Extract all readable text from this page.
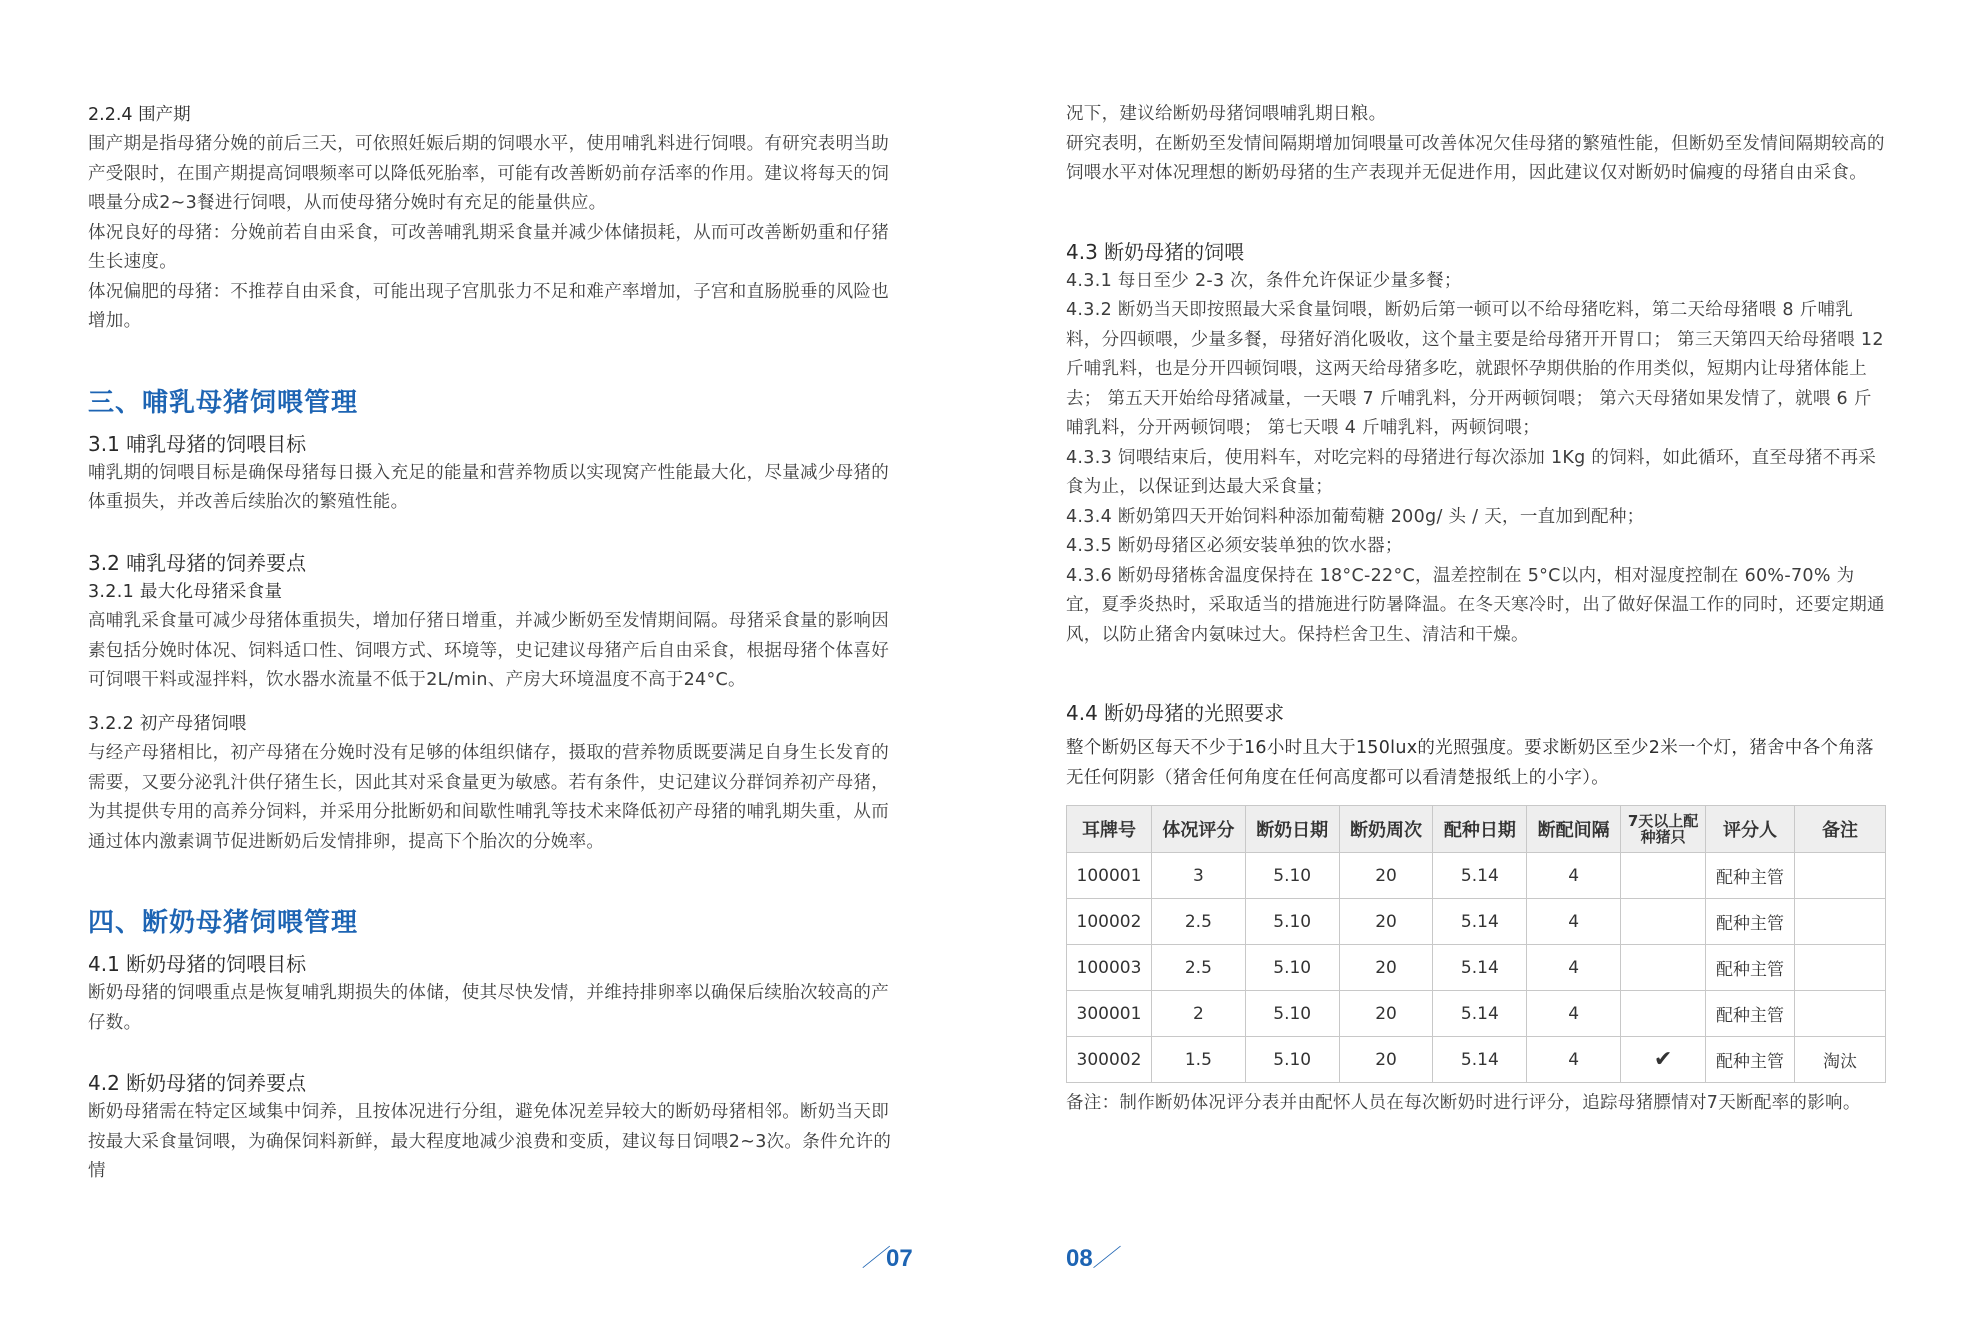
2.2.4 围产期

围产期是指母猪分娩的前后三天，可依照妊娠后期的饲喂水平，使用哺乳料进行饲喂。有研究表明当助产受限时，在围产期提高饲喂频率可以降低死胎率，可能有改善断奶前存活率的作用。建议将每天的饲喂量分成2~3餐进行饲喂，从而使母猪分娩时有充足的能量供应。

体况良好的母猪：分娩前若自由采食，可改善哺乳期采食量并减少体储损耗，从而可改善断奶重和仔猪生长速度。

体况偏肥的母猪：不推荐自由采食，可能出现子宫肌张力不足和难产率增加，子宫和直肠脱垂的风险也增加。

三、哺乳母猪饲喂管理

3.1 哺乳母猪的饲喂目标

哺乳期的饲喂目标是确保母猪每日摄入充足的能量和营养物质以实现窝产性能最大化，尽量减少母猪的体重损失，并改善后续胎次的繁殖性能。

3.2 哺乳母猪的饲养要点

3.2.1 最大化母猪采食量

高哺乳采食量可减少母猪体重损失，增加仔猪日增重，并减少断奶至发情期间隔。母猪采食量的影响因素包括分娩时体况、饲料适口性、饲喂方式、环境等，史记建议母猪产后自由采食，根据母猪个体喜好可饲喂干料或湿拌料，饮水器水流量不低于2L/min、产房大环境温度不高于24°C。

3.2.2 初产母猪饲喂

与经产母猪相比，初产母猪在分娩时没有足够的体组织储存，摄取的营养物质既要满足自身生长发育的需要，又要分泌乳汁供仔猪生长，因此其对采食量更为敏感。若有条件，史记建议分群饲养初产母猪，为其提供专用的高养分饲料，并采用分批断奶和间歇性哺乳等技术来降低初产母猪的哺乳期失重，从而通过体内激素调节促进断奶后发情排卵，提高下个胎次的分娩率。

四、断奶母猪饲喂管理

4.1 断奶母猪的饲喂目标

断奶母猪的饲喂重点是恢复哺乳期损失的体储，使其尽快发情，并维持排卵率以确保后续胎次较高的产仔数。

4.2 断奶母猪的饲养要点

断奶母猪需在特定区域集中饲养，且按体况进行分组，避免体况差异较大的断奶母猪相邻。断奶当天即按最大采食量饲喂，为确保饲料新鲜，最大程度地减少浪费和变质，建议每日饲喂2~3次。条件允许的情

／07

况下，建议给断奶母猪饲喂哺乳期日粮。

研究表明，在断奶至发情间隔期增加饲喂量可改善体况欠佳母猪的繁殖性能，但断奶至发情间隔期较高的饲喂水平对体况理想的断奶母猪的生产表现并无促进作用，因此建议仅对断奶时偏瘦的母猪自由采食。

4.3 断奶母猪的饲喂

4.3.1 每日至少 2-3 次，条件允许保证少量多餐；

4.3.2 断奶当天即按照最大采食量饲喂，断奶后第一顿可以不给母猪吃料，第二天给母猪喂 8 斤哺乳料，分四顿喂，少量多餐，母猪好消化吸收，这个量主要是给母猪开开胃口； 第三天第四天给母猪喂 12 斤哺乳料，也是分开四顿饲喂，这两天给母猪多吃，就跟怀孕期供胎的作用类似，短期内让母猪体能上去； 第五天开始给母猪减量，一天喂 7 斤哺乳料，分开两顿饲喂； 第六天母猪如果发情了，就喂 6 斤哺乳料，分开两顿饲喂； 第七天喂 4 斤哺乳料，两顿饲喂；

4.3.3 饲喂结束后，使用料车，对吃完料的母猪进行每次添加 1Kg 的饲料，如此循环，直至母猪不再采食为止，以保证到达最大采食量；

4.3.4 断奶第四天开始饲料种添加葡萄糖 200g/ 头 / 天，一直加到配种；

4.3.5 断奶母猪区必须安装单独的饮水器；

4.3.6 断奶母猪栋舍温度保持在 18°C-22°C，温差控制在 5°C以内，相对湿度控制在 60%-70% 为宜，夏季炎热时，采取适当的措施进行防暑降温。在冬天寒冷时，出了做好保温工作的同时，还要定期通风，以防止猪舍内氨味过大。保持栏舍卫生、清洁和干燥。

4.4 断奶母猪的光照要求

整个断奶区每天不少于16小时且大于150lux的光照强度。要求断奶区至少2米一个灯，猪舍中各个角落无任何阴影（猪舍任何角度在任何高度都可以看清楚报纸上的小字）。

耳牌号	体况评分	断奶日期	断奶周次	配种日期	断配间隔	7天以上配种猪只	评分人	备注
100001	3	5.10	20	5.14	4		配种主管	
100002	2.5	5.10	20	5.14	4		配种主管	
100003	2.5	5.10	20	5.14	4		配种主管	
300001	2	5.10	20	5.14	4		配种主管	
300002	1.5	5.10	20	5.14	4	✔	配种主管	淘汰

备注：制作断奶体况评分表并由配怀人员在每次断奶时进行评分，追踪母猪膘情对7天断配率的影响。

08／
